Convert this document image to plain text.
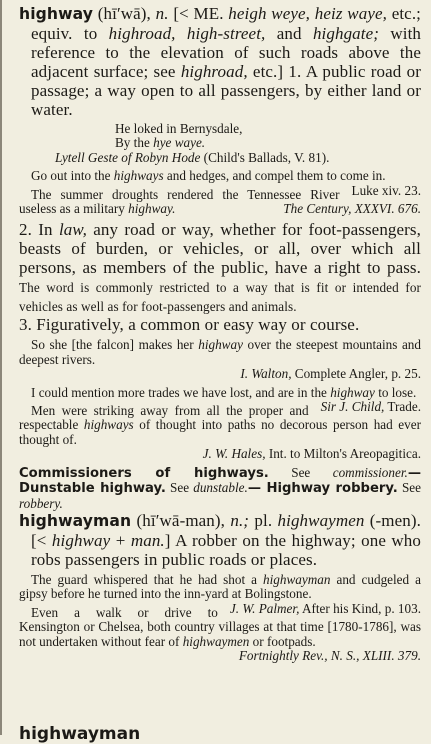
highway (hī′wā), n. [< ME. heigh weye, heiz waye, etc.; equiv. to highroad, high-street, and highgate; with reference to the elevation of such roads above the adjacent surface; see highroad, etc.] 1. A public road or passage; a way open to all passengers, by either land or water.

He loked in Bernysdale,
By the hye waye.
Lytell Geste of Robyn Hode (Child's Ballads, V. 81).

Go out into the highways and hedges, and compel them to come in.
Luke xiv. 23.

The summer droughts rendered the Tennessee River useless as a military highway.	The Century, XXXVI. 676.

2. In law, any road or way, whether for foot-passengers, beasts of burden, or vehicles, or all, over which all persons, as members of the public, have a right to pass. The word is commonly restricted to a way that is fit or intended for vehicles as well as for foot-passengers and animals.

3. Figuratively, a common or easy way or course.

So she [the falcon] makes her highway over the steepest mountains and deepest rivers.

I. Walton, Complete Angler, p. 25.

I could mention more trades we have lost, and are in the highway to lose.
Sir J. Child, Trade.

Men were striking away from all the proper and respectable highways of thought into paths no decorous person had ever thought of.

J. W. Hales, Int. to Milton's Areopagitica.

Commissioners of highways. See commissioner.— Dunstable highway. See dunstable.— Highway robbery. See robbery.

highwayman (hī′wā-man), n.; pl. highwaymen (-men). [< highway + man.] A robber on the highway; one who robs passengers in public roads or places.

The guard whispered that he had shot a highwayman and cudgeled a gipsy before he turned into the inn-yard at Bolingstone.
J. W. Palmer, After his Kind, p. 103.

Even a walk or drive to Kensington or Chelsea, both country villages at that time [1780-1786], was not undertaken without fear of highwaymen or footpads.

Fortnightly Rev., N. S., XLIII. 379.
highwayman
